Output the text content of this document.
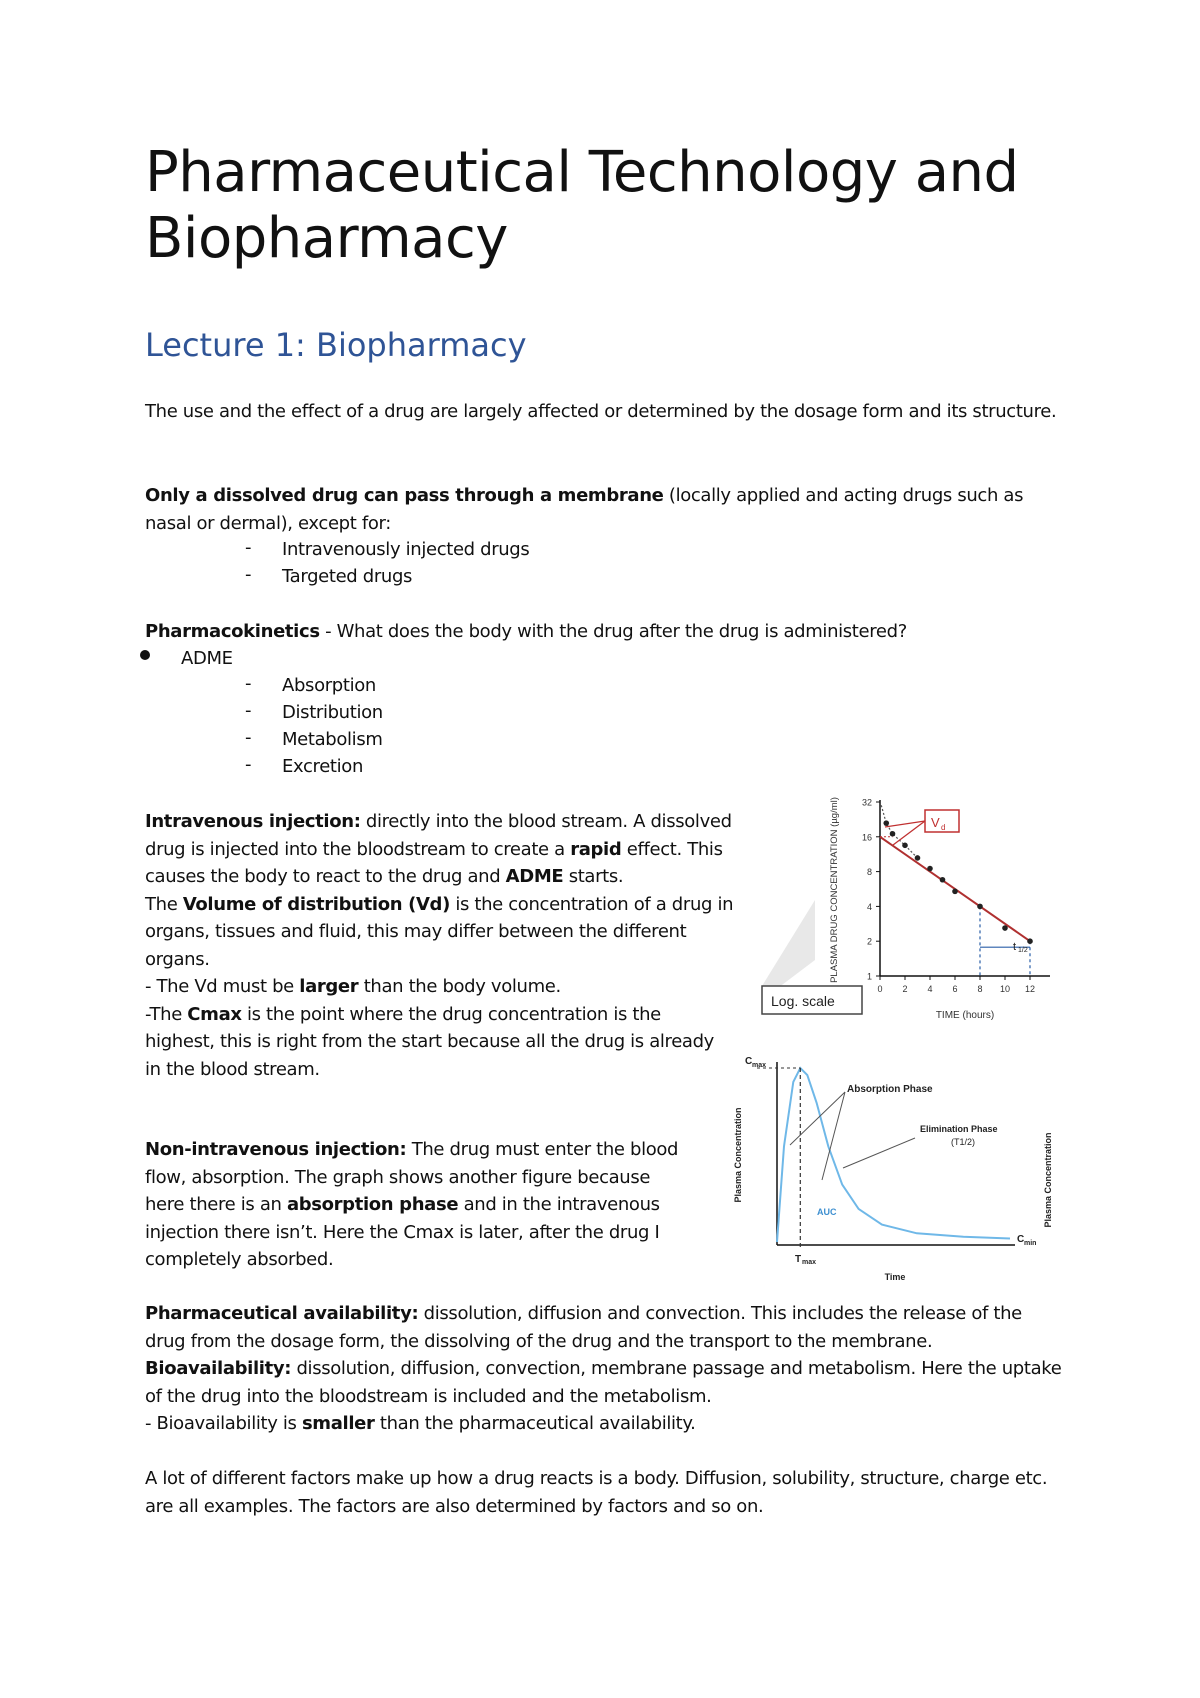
Pharmaceutical Technology and Biopharmacy
Lecture 1: Biopharmacy

The use and the effect of a drug are largely affected or determined by the dosage form and its structure.

Only a dissolved drug can pass through a membrane (locally applied and acting drugs such as nasal or dermal), except for:

- Intravenously injected drugs

- Targeted drugs

Pharmacokinetics - What does the body with the drug after the drug is administered?

ADME

- Absorption

- Distribution

- Metabolism

- Excretion

Intravenous injection: directly into the blood stream. A dissolved drug is injected into the bloodstream to create a rapid effect. This causes the body to react to the drug and ADME starts.
The Volume of distribution (Vd) is the concentration of a drug in organs, tissues and fluid, this may differ between the different organs.
- The Vd must be larger than the body volume.
-The Cmax is the point where the drug concentration is the highest, this is right from the start because all the drug is already in the blood stream.

Non-intravenous injection: The drug must enter the blood flow, absorption. The graph shows another figure because here there is an absorption phase and in the intravenous injection there isn’t. Here the Cmax is later, after the drug I completely absorbed.

Pharmaceutical availability: dissolution, diffusion and convection. This includes the release of the drug from the dosage form, the dissolving of the drug and the transport to the membrane.
Bioavailability: dissolution, diffusion, convection, membrane passage and metabolism. Here the uptake of the drug into the bloodstream is included and the metabolism.
- Bioavailability is smaller than the pharmaceutical availability.

A lot of different factors make up how a drug reacts is a body. Diffusion, solubility, structure, charge etc. are all examples. The factors are also determined by factors and so on.

1
2
4
8
16
32
0 2 4 6 8 10 12
V d
t 1/2
PLASMA DRUG CONCENTRATION (µg/ml)
TIME (hours)
Log. scale
Absorption Phase
Elimination Phase
(T1/2)
AUC
C max
T max
C min
Time
Plasma Concentration	Plasma Concentration
